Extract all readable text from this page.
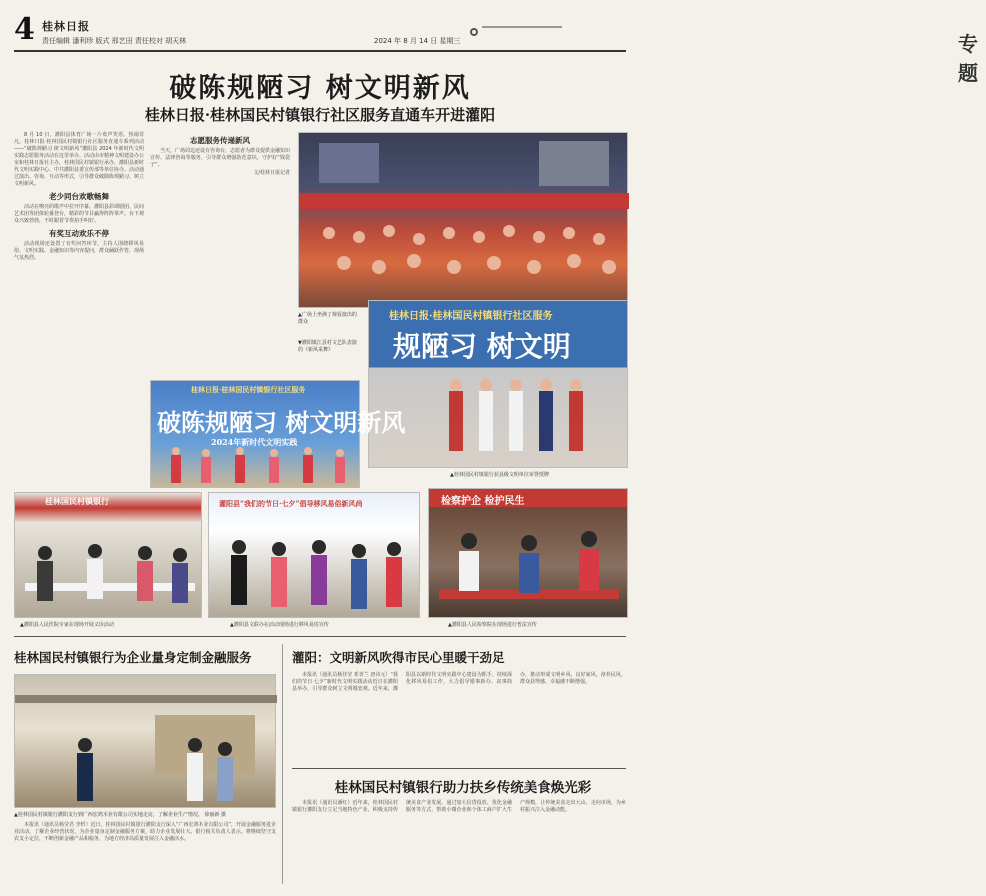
4 桂林日报
责任编辑 潘利珍 版式 邢艺田 责任校对 胡天林	2024 年 8 月 14 日 星期三	专题
破陈规陋习 树文明新风
桂林日报·桂林国民村镇银行社区服务直通车开进灌阳

8 月 10 日，灌阳县体育广场一片欢声笑语。热闹非凡。桂林日报·桂林国民村镇银行社区服务直通车系列活动——“破陈规陋习 树文明新风”灌阳县 2024 年新时代文明实践志愿服务活动在这里举办。活动由市精神文明建设办公室和桂林日报社主办，桂林国民村镇银行承办，灌阳县新时代文明实践中心、中共灌阳县委宣传部等单位协办。活动通过演出、咨询、互动等形式，引导群众破除陈规陋习、树立文明新风。

老少同台欢歌畅舞

活动在嘹亮的歌声中拉开序幕。灌阳县彩调剧团、民间艺术团等团体轮番登台，精彩的节目赢得阵阵掌声。台下观众兴致勃勃，不时跟着节奏拍手叫好。

有奖互动欢乐不停

活动现场还设置了有奖问答环节，主持人围绕移风易俗、文明实践、金融知识等内容提问，群众踊跃作答，现场气氛热烈。

志愿服务传递新风

当天，广场周边还设有咨询台，志愿者为群众提供金融知识宣传、法律咨询等服务，引导群众增强防范意识，守护好“钱袋子”。

文/桂林日报记者

▲广场上坐满了观看演出的群众
▼灌阳镇江县村文艺队表演的《新风采舞》
桂林日报·桂林国民村镇银行社区服务
规陋习 树文明
▲桂林国民村镇银行获县级文明单位荣誉授牌
桂林日报·桂林国民村镇银行社区服务
破陈规陋习 树文明新风
2024年新时代文明实践
桂林国民村镇银行
▲灌阳县人民医院专家在现场开展义诊活动
灌阳县“我们的节日·七夕”倡导移风易俗新风尚
▲灌阳县文联办在活动现场进行移风易俗宣传
检察护企 检护民生
▲灌阳县人民检察院在现场进行普法宣传
桂林国民村镇银行为企业量身定制金融服务
▲桂林国民村镇银行灌阳支行到广西宏鸿木业有限公司实地走访，了解企业生产情况。 徐丽新 摄

本报讯（通讯员杨莹君 李忻）近日，桂林国民村镇银行灌阳支行深入“广西宏鸿木业有限公司”，开展金融服务进企业活动，了解企业经营状况，为企业量身定制金融服务方案，助力企业发展壮大。银行相关负责人表示，将继续坚守支农支小定位，不断创新金融产品和服务，为地方经济高质量发展注入金融活水。

灌阳：文明新风吹得市民心里暖干劲足

本报讯（通讯员杨佳莹 邓青兰 唐诗元）“我们的节日·七夕”新时代文明实践活动近日在灌阳县举办，引导群众树立文明婚恋观。近年来，灌阳县以新时代文明实践中心建设为抓手，持续深化移风易俗工作，大力倡导婚事新办、丧事简办，推动形成文明乡风、良好家风、淳朴民风，群众获得感、幸福感不断增强。

桂林国民村镇银行助力扶乡传统美食焕光彩

本报讯（通讯员潘红）近年来，桂林国民村镇银行灌阳支行立足当地特色产业，积极支持传统美食产业发展，通过加大信贷投放、优化金融服务等方式，帮助小微企业和个体工商户扩大生产规模，让传统美食走出大山、走向市场，为乡村振兴注入金融动能。
